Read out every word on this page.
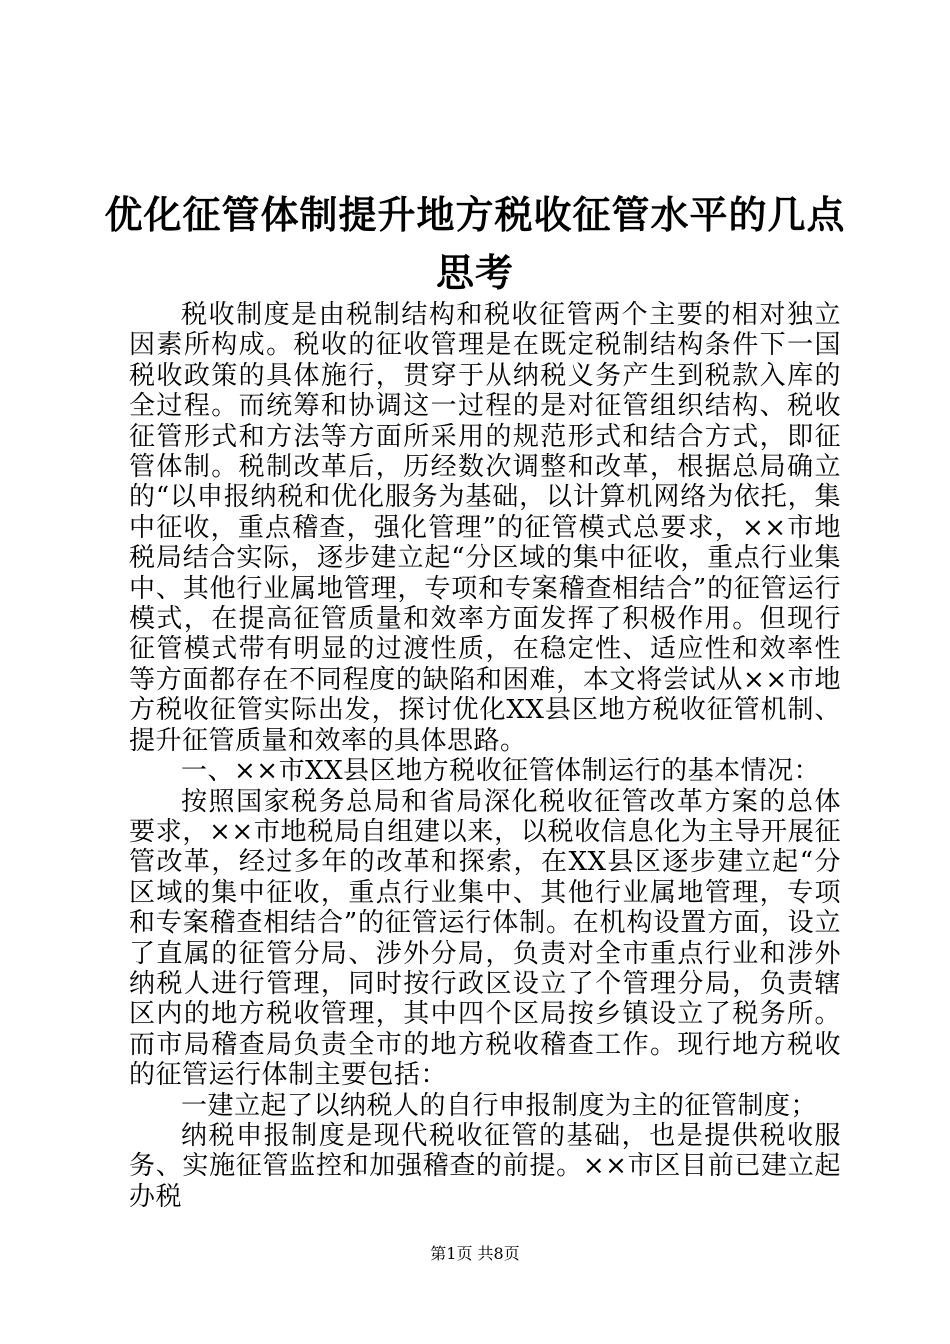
优化征管体制提升地方税收征管水平的几点思考

税收制度是由税制结构和税收征管两个主要的相对独立因素所构成。税收的征收管理是在既定税制结构条件下一国税收政策的具体施行，贯穿于从纳税义务产生到税款入库的全过程。而统筹和协调这一过程的是对征管组织结构、税收征管形式和方法等方面所采用的规范形式和结合方式，即征管体制。税制改革后，历经数次调整和改革，根据总局确立的“以申报纳税和优化服务为基础，以计算机网络为依托，集中征收，重点稽查，强化管理”的征管模式总要求，××市地税局结合实际，逐步建立起“分区域的集中征收，重点行业集中、其他行业属地管理，专项和专案稽查相结合”的征管运行模式，在提高征管质量和效率方面发挥了积极作用。但现行征管模式带有明显的过渡性质，在稳定性、适应性和效率性等方面都存在不同程度的缺陷和困难，本文将尝试从××市地方税收征管实际出发，探讨优化XX县区地方税收征管机制、提升征管质量和效率的具体思路。

一、××市XX县区地方税收征管体制运行的基本情况：

按照国家税务总局和省局深化税收征管改革方案的总体要求，××市地税局自组建以来，以税收信息化为主导开展征管改革，经过多年的改革和探索，在XX县区逐步建立起“分区域的集中征收，重点行业集中、其他行业属地管理，专项和专案稽查相结合”的征管运行体制。在机构设置方面，设立了直属的征管分局、涉外分局，负责对全市重点行业和涉外纳税人进行管理，同时按行政区设立了个管理分局，负责辖区内的地方税收管理，其中四个区局按乡镇设立了税务所。而市局稽查局负责全市的地方税收稽查工作。现行地方税收的征管运行体制主要包括：

一建立起了以纳税人的自行申报制度为主的征管制度；

纳税申报制度是现代税收征管的基础，也是提供税收服务、实施征管监控和加强稽查的前提。××市区目前已建立起办税

第1页 共8页
